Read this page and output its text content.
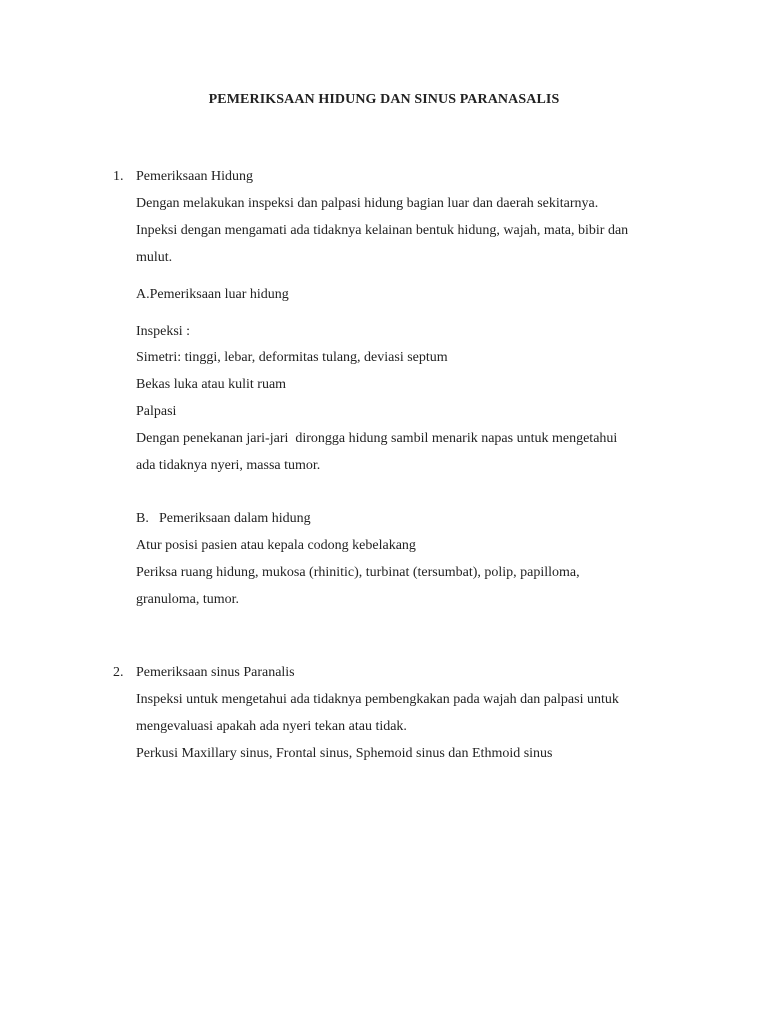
PEMERIKSAAN HIDUNG DAN SINUS PARANASALIS
1. Pemeriksaan Hidung
Dengan melakukan inspeksi dan palpasi hidung bagian luar dan daerah sekitarnya.
Inpeksi dengan mengamati ada tidaknya kelainan bentuk hidung, wajah, mata, bibir dan
mulut.
A.Pemeriksaan luar hidung
Inspeksi :
Simetri: tinggi, lebar, deformitas tulang, deviasi septum
Bekas luka atau kulit ruam
Palpasi
Dengan penekanan jari-jari  dirongga hidung sambil menarik napas untuk mengetahui
ada tidaknya nyeri, massa tumor.
B. Pemeriksaan dalam hidung
Atur posisi pasien atau kepala codong kebelakang
Periksa ruang hidung, mukosa (rhinitic), turbinat (tersumbat), polip, papilloma,
granuloma, tumor.
2. Pemeriksaan sinus Paranalis
Inspeksi untuk mengetahui ada tidaknya pembengkakan pada wajah dan palpasi untuk
mengevaluasi apakah ada nyeri tekan atau tidak.
Perkusi Maxillary sinus, Frontal sinus, Sphemoid sinus dan Ethmoid sinus
